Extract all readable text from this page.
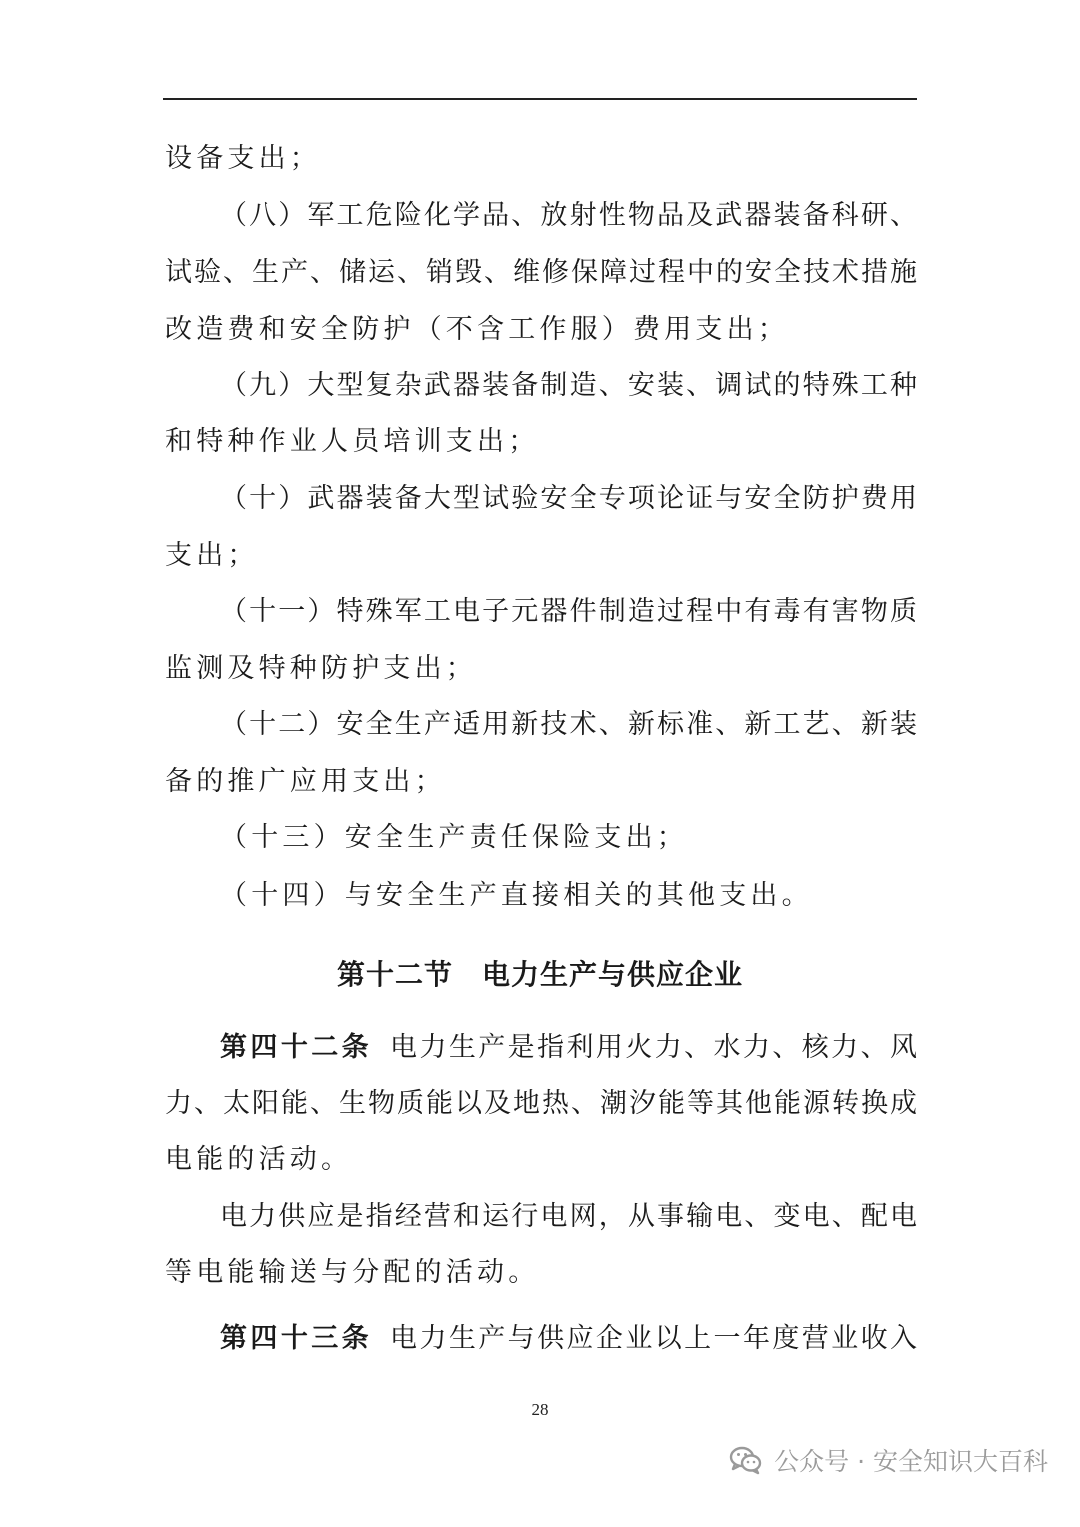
设备支出；
（八）军工危险化学品、放射性物品及武器装备科研、
试验、生产、储运、销毁、维修保障过程中的安全技术措施
改造费和安全防护（不含工作服）费用支出；
（九）大型复杂武器装备制造、安装、调试的特殊工种
和特种作业人员培训支出；
（十）武器装备大型试验安全专项论证与安全防护费用
支出；
（十一）特殊军工电子元器件制造过程中有毒有害物质
监测及特种防护支出；
（十二）安全生产适用新技术、新标准、新工艺、新装
备的推广应用支出；
（十三）安全生产责任保险支出；
（十四）与安全生产直接相关的其他支出。
第十二节　电力生产与供应企业
第四十二条 电力生产是指利用火力、水力、核力、风
力、太阳能、生物质能以及地热、潮汐能等其他能源转换成
电能的活动。
电力供应是指经营和运行电网，从事输电、变电、配电
等电能输送与分配的活动。
第四十三条 电力生产与供应企业以上一年度营业收入
28
公众号 · 安全知识大百科
